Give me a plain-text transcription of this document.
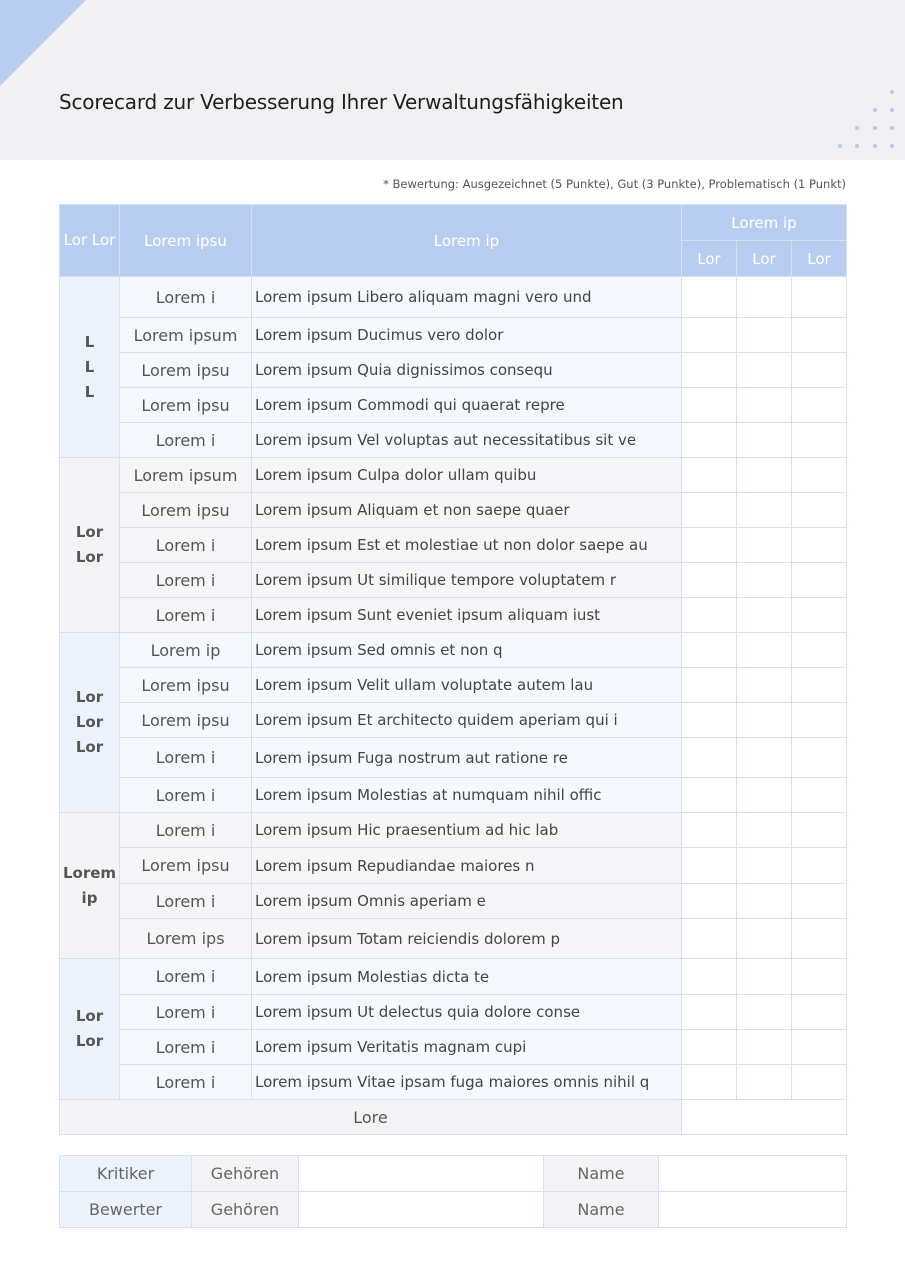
Scorecard zur Verbesserung Ihrer Verwaltungsfähigkeiten
* Bewertung: Ausgezeichnet (5 Punkte), Gut (3 Punkte), Problematisch (1 Punkt)
Lor Lor	Lorem ipsu	Lorem ip	Lorem ip		
			Lor	Lor	Lor
L
L
L	Lorem i	Lorem ipsum Libero aliquam magni vero und			
	Lorem ipsum	Lorem ipsum Ducimus vero dolor			
	Lorem ipsu	Lorem ipsum Quia dignissimos consequ			
	Lorem ipsu	Lorem ipsum Commodi qui quaerat repre			
	Lorem i	Lorem ipsum Vel voluptas aut necessitatibus sit ve			
Lor
Lor	Lorem ipsum	Lorem ipsum Culpa dolor ullam quibu			
	Lorem ipsu	Lorem ipsum Aliquam et non saepe quaer			
	Lorem i	Lorem ipsum Est et molestiae ut non dolor saepe au			
	Lorem i	Lorem ipsum Ut similique tempore voluptatem r			
	Lorem i	Lorem ipsum Sunt eveniet ipsum aliquam iust			
Lor
Lor
Lor	Lorem ip	Lorem ipsum Sed omnis et non q			
	Lorem ipsu	Lorem ipsum Velit ullam voluptate autem lau			
	Lorem ipsu	Lorem ipsum Et architecto quidem aperiam qui i			
	Lorem i	Lorem ipsum Fuga nostrum aut ratione re			
	Lorem i	Lorem ipsum Molestias at numquam nihil offic			
Lorem
ip	Lorem i	Lorem ipsum Hic praesentium ad hic lab			
	Lorem ipsu	Lorem ipsum Repudiandae maiores n			
	Lorem i	Lorem ipsum Omnis aperiam e			
	Lorem ips	Lorem ipsum Totam reiciendis dolorem p			
Lor
Lor	Lorem i	Lorem ipsum Molestias dicta te			
	Lorem i	Lorem ipsum Ut delectus quia dolore conse			
	Lorem i	Lorem ipsum Veritatis magnam cupi			
	Lorem i	Lorem ipsum Vitae ipsam fuga maiores omnis nihil q			
Lore					
Kritiker	Gehören		Name	
Bewerter	Gehören		Name	
